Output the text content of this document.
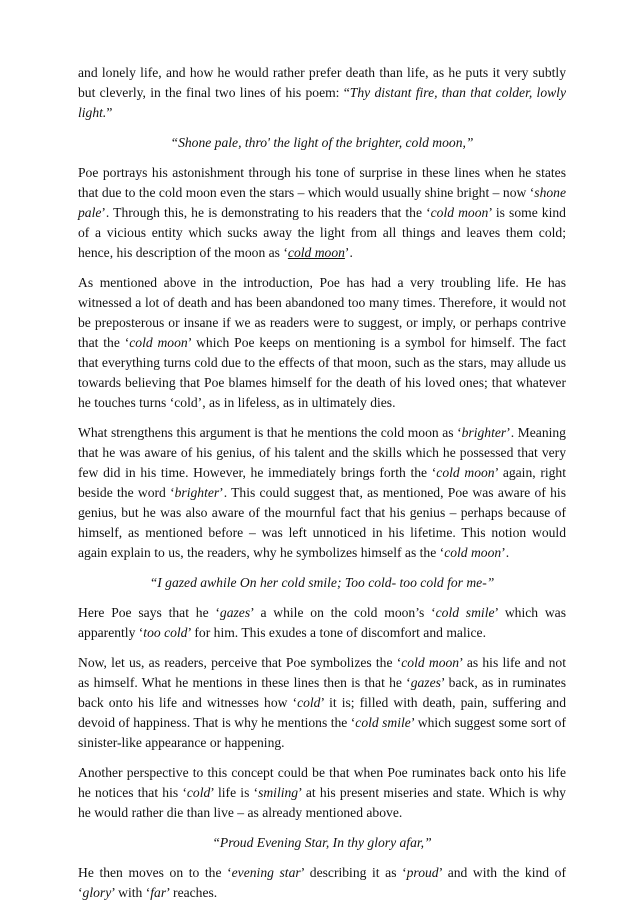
and lonely life, and how he would rather prefer death than life, as he puts it very subtly but cleverly, in the final two lines of his poem: “Thy distant fire, than that colder, lowly light.”

“Shone pale, thro' the light of the brighter, cold moon,”

Poe portrays his astonishment through his tone of surprise in these lines when he states that due to the cold moon even the stars – which would usually shine bright – now ‘shone pale’. Through this, he is demonstrating to his readers that the ‘cold moon’ is some kind of a vicious entity which sucks away the light from all things and leaves them cold; hence, his description of the moon as ‘cold moon’.

As mentioned above in the introduction, Poe has had a very troubling life. He has witnessed a lot of death and has been abandoned too many times. Therefore, it would not be preposterous or insane if we as readers were to suggest, or imply, or perhaps contrive that the ‘cold moon’ which Poe keeps on mentioning is a symbol for himself. The fact that everything turns cold due to the effects of that moon, such as the stars, may allude us towards believing that Poe blames himself for the death of his loved ones; that whatever he touches turns ‘cold’, as in lifeless, as in ultimately dies.

What strengthens this argument is that he mentions the cold moon as ‘brighter’. Meaning that he was aware of his genius, of his talent and the skills which he possessed that very few did in his time. However, he immediately brings forth the ‘cold moon’ again, right beside the word ‘brighter’. This could suggest that, as mentioned, Poe was aware of his genius, but he was also aware of the mournful fact that his genius – perhaps because of himself, as mentioned before – was left unnoticed in his lifetime. This notion would again explain to us, the readers, why he symbolizes himself as the ‘cold moon’.

“I gazed awhile On her cold smile; Too cold- too cold for me-”

Here Poe says that he ‘gazes’ a while on the cold moon’s ‘cold smile’ which was apparently ‘too cold’ for him. This exudes a tone of discomfort and malice.

Now, let us, as readers, perceive that Poe symbolizes the ‘cold moon’ as his life and not as himself. What he mentions in these lines then is that he ‘gazes’ back, as in ruminates back onto his life and witnesses how ‘cold’ it is; filled with death, pain, suffering and devoid of happiness. That is why he mentions the ‘cold smile’ which suggest some sort of sinister-like appearance or happening.

Another perspective to this concept could be that when Poe ruminates back onto his life he notices that his ‘cold’ life is ‘smiling’ at his present miseries and state. Which is why he would rather die than live – as already mentioned above.

“Proud Evening Star, In thy glory afar,”

He then moves on to the ‘evening star’ describing it as ‘proud’ and with the kind of ‘glory’ with ‘far’ reaches.
